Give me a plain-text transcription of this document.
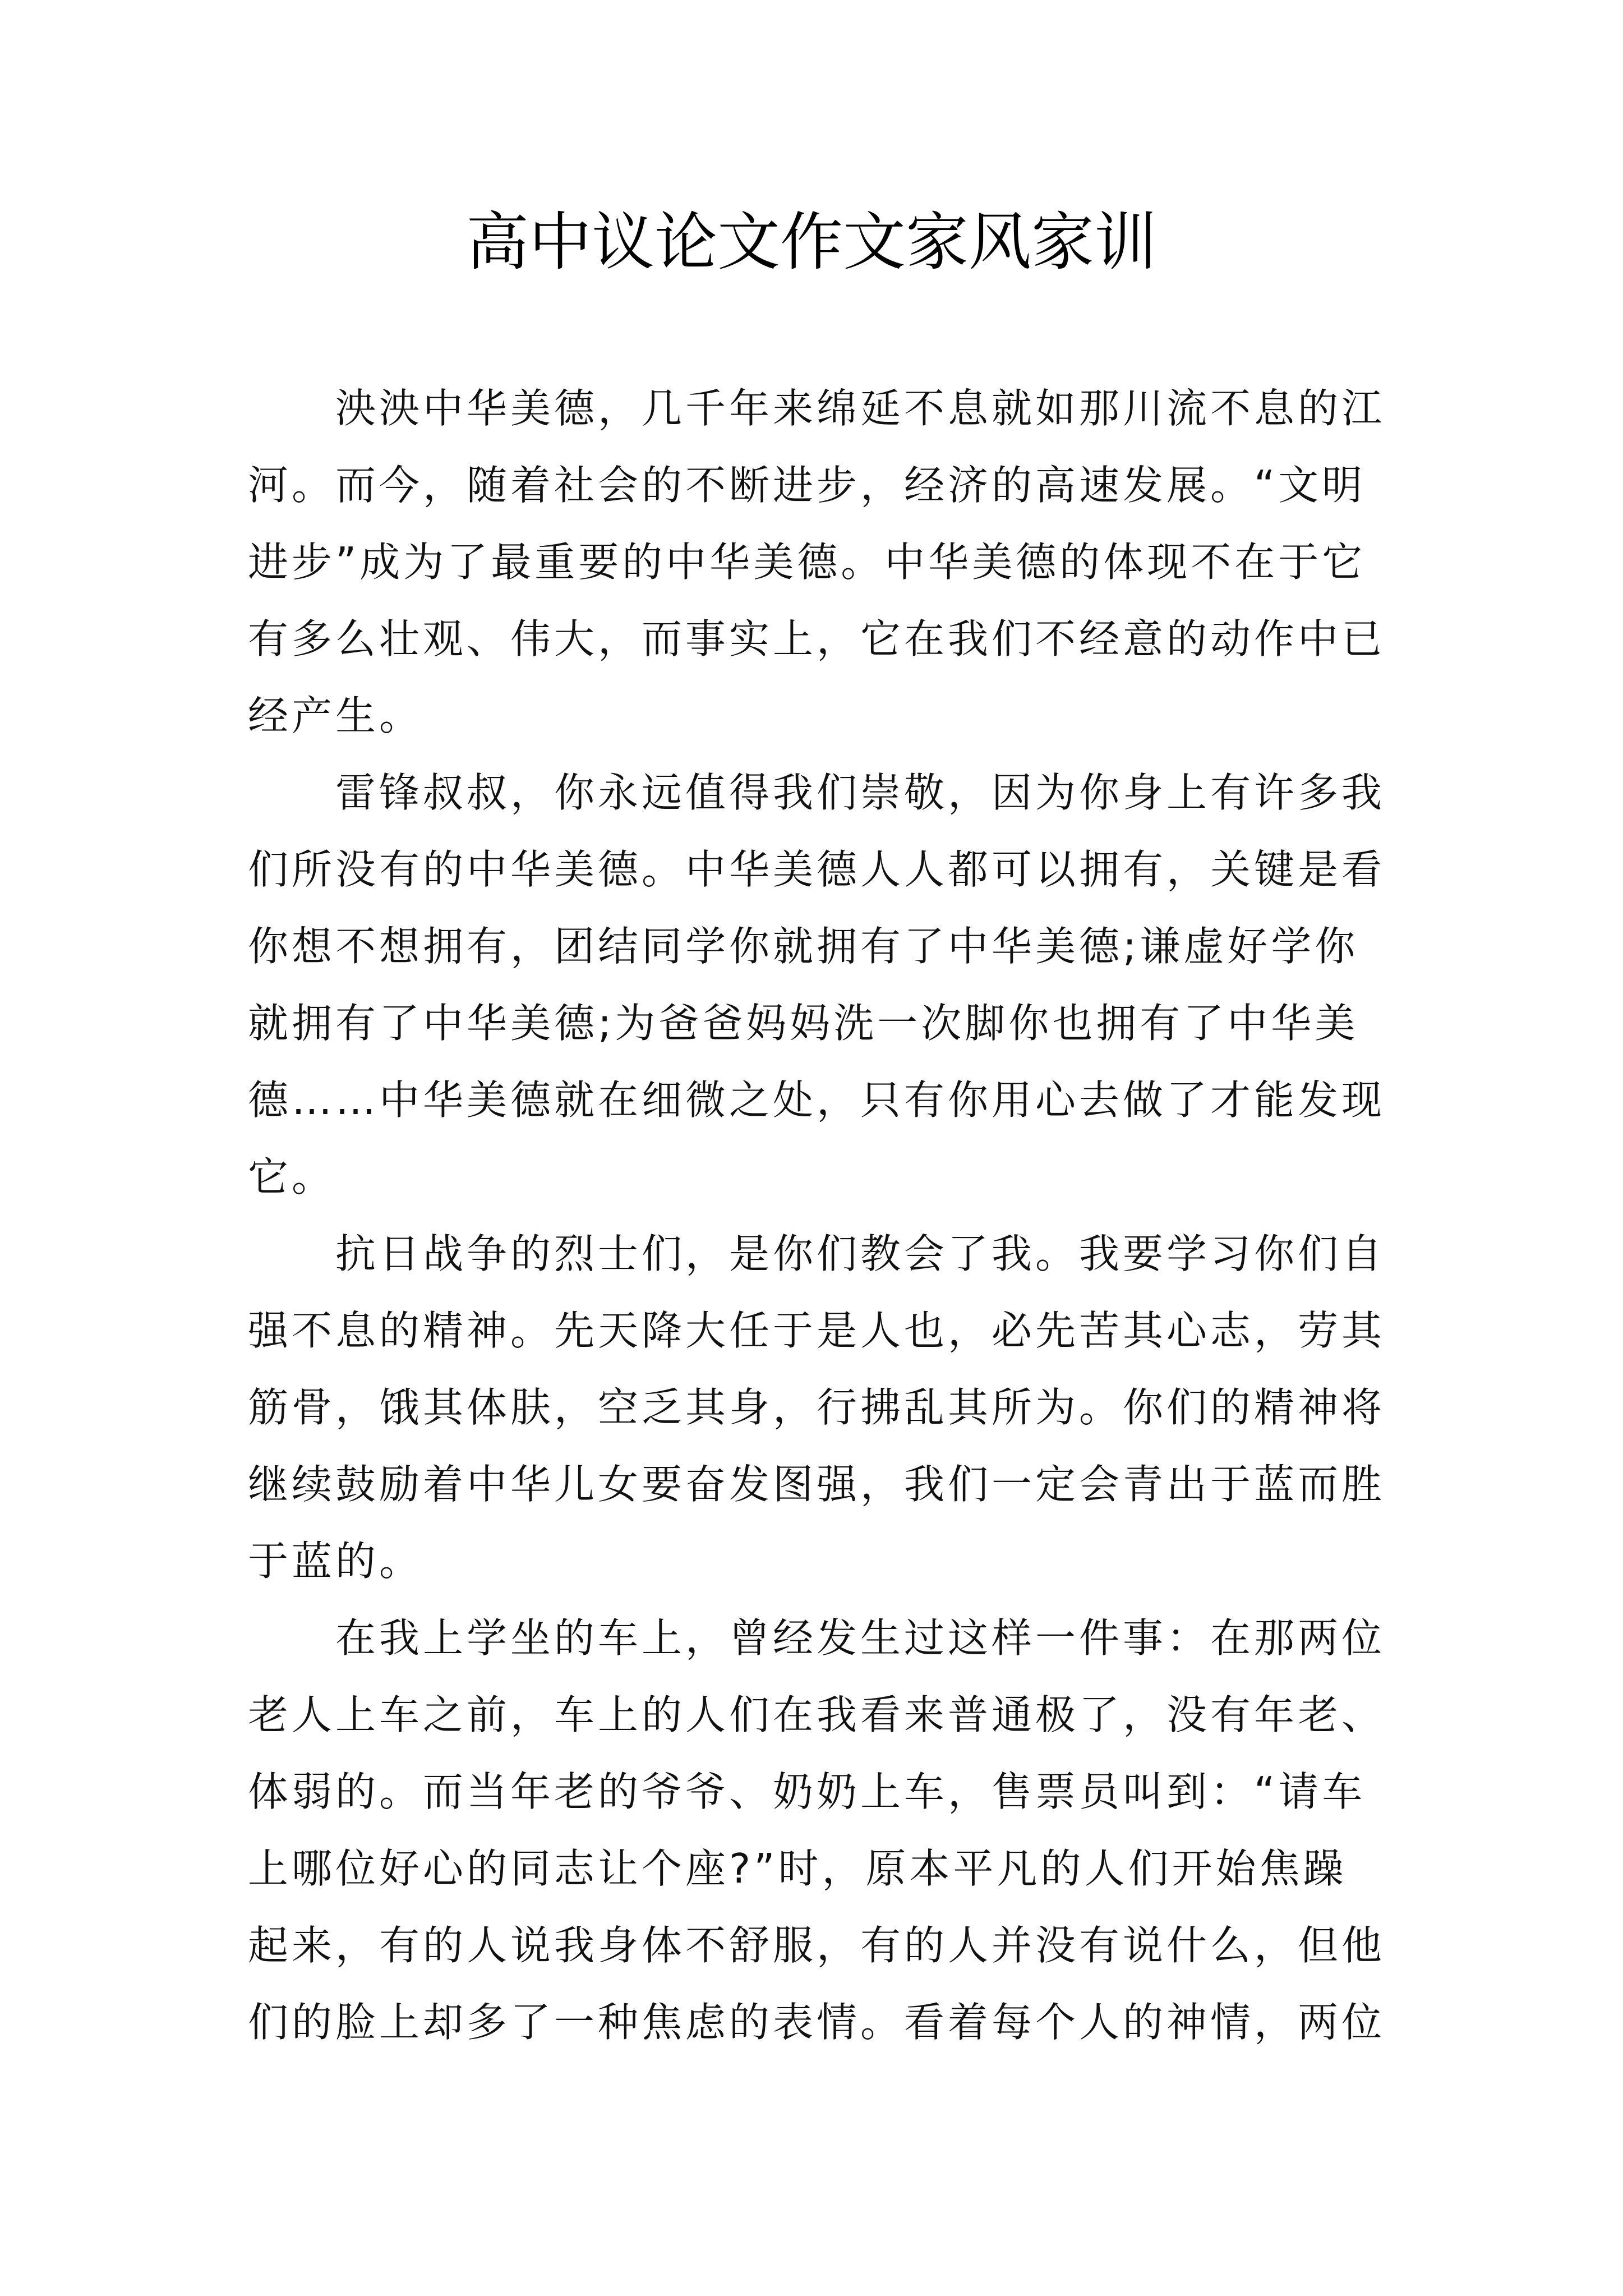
高中议论文作文家风家训
泱泱中华美德，几千年来绵延不息就如那川流不息的江
河。而今，随着社会的不断进步，经济的高速发展。“文明
进步”成为了最重要的中华美德。中华美德的体现不在于它
有多么壮观、伟大，而事实上，它在我们不经意的动作中已
经产生。
雷锋叔叔，你永远值得我们崇敬，因为你身上有许多我
们所没有的中华美德。中华美德人人都可以拥有，关键是看
你想不想拥有，团结同学你就拥有了中华美德;谦虚好学你
就拥有了中华美德;为爸爸妈妈洗一次脚你也拥有了中华美
德……中华美德就在细微之处，只有你用心去做了才能发现
它。
抗日战争的烈士们，是你们教会了我。我要学习你们自
强不息的精神。先天降大任于是人也，必先苦其心志，劳其
筋骨，饿其体肤，空乏其身，行拂乱其所为。你们的精神将
继续鼓励着中华儿女要奋发图强，我们一定会青出于蓝而胜
于蓝的。
在我上学坐的车上，曾经发生过这样一件事：在那两位
老人上车之前，车上的人们在我看来普通极了，没有年老、
体弱的。而当年老的爷爷、奶奶上车，售票员叫到：“请车
上哪位好心的同志让个座?”时，原本平凡的人们开始焦躁
起来，有的人说我身体不舒服，有的人并没有说什么，但他
们的脸上却多了一种焦虑的表情。看着每个人的神情，两位
